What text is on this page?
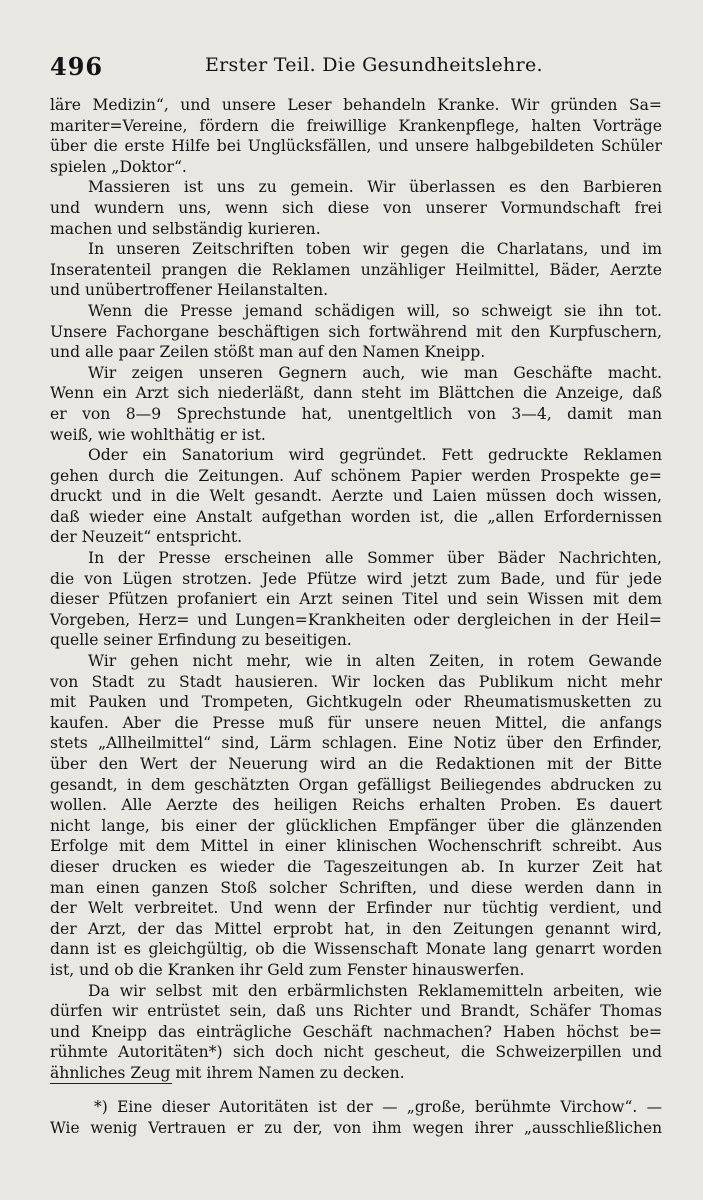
496	Erster Teil. Die Gesundheitslehre.
läre Medizin“, und unsere Leser behandeln Kranke. Wir gründen Sa=
mariter=Vereine, fördern die freiwillige Krankenpflege, halten Vorträge
über die erste Hilfe bei Unglücksfällen, und unsere halbgebildeten Schüler
spielen „Doktor“.
Massieren ist uns zu gemein. Wir überlassen es den Barbieren
und wundern uns, wenn sich diese von unserer Vormundschaft frei
machen und selbständig kurieren.
In unseren Zeitschriften toben wir gegen die Charlatans, und im
Inseratenteil prangen die Reklamen unzähliger Heilmittel, Bäder, Aerzte
und unübertroffener Heilanstalten.
Wenn die Presse jemand schädigen will, so schweigt sie ihn tot.
Unsere Fachorgane beschäftigen sich fortwährend mit den Kurpfuschern,
und alle paar Zeilen stößt man auf den Namen Kneipp.
Wir zeigen unseren Gegnern auch, wie man Geschäfte macht.
Wenn ein Arzt sich niederläßt, dann steht im Blättchen die Anzeige, daß
er von 8—9 Sprechstunde hat, unentgeltlich von 3—4, damit man
weiß, wie wohlthätig er ist.
Oder ein Sanatorium wird gegründet. Fett gedruckte Reklamen
gehen durch die Zeitungen. Auf schönem Papier werden Prospekte ge=
druckt und in die Welt gesandt. Aerzte und Laien müssen doch wissen,
daß wieder eine Anstalt aufgethan worden ist, die „allen Erfordernissen
der Neuzeit“ entspricht.
In der Presse erscheinen alle Sommer über Bäder Nachrichten,
die von Lügen strotzen. Jede Pfütze wird jetzt zum Bade, und für jede
dieser Pfützen profaniert ein Arzt seinen Titel und sein Wissen mit dem
Vorgeben, Herz= und Lungen=Krankheiten oder dergleichen in der Heil=
quelle seiner Erfindung zu beseitigen.
Wir gehen nicht mehr, wie in alten Zeiten, in rotem Gewande
von Stadt zu Stadt hausieren. Wir locken das Publikum nicht mehr
mit Pauken und Trompeten, Gichtkugeln oder Rheumatismusketten zu
kaufen. Aber die Presse muß für unsere neuen Mittel, die anfangs
stets „Allheilmittel“ sind, Lärm schlagen. Eine Notiz über den Erfinder,
über den Wert der Neuerung wird an die Redaktionen mit der Bitte
gesandt, in dem geschätzten Organ gefälligst Beiliegendes abdrucken zu
wollen. Alle Aerzte des heiligen Reichs erhalten Proben. Es dauert
nicht lange, bis einer der glücklichen Empfänger über die glänzenden
Erfolge mit dem Mittel in einer klinischen Wochenschrift schreibt. Aus
dieser drucken es wieder die Tageszeitungen ab. In kurzer Zeit hat
man einen ganzen Stoß solcher Schriften, und diese werden dann in
der Welt verbreitet. Und wenn der Erfinder nur tüchtig verdient, und
der Arzt, der das Mittel erprobt hat, in den Zeitungen genannt wird,
dann ist es gleichgültig, ob die Wissenschaft Monate lang genarrt worden
ist, und ob die Kranken ihr Geld zum Fenster hinauswerfen.
Da wir selbst mit den erbärmlichsten Reklamemitteln arbeiten, wie
dürfen wir entrüstet sein, daß uns Richter und Brandt, Schäfer Thomas
und Kneipp das einträgliche Geschäft nachmachen? Haben höchst be=
rühmte Autoritäten*) sich doch nicht gescheut, die Schweizerpillen und
ähnliches Zeug mit ihrem Namen zu decken.
*) Eine dieser Autoritäten ist der — „große, berühmte Virchow“. —
Wie wenig Vertrauen er zu der, von ihm wegen ihrer „ausschließlichen
